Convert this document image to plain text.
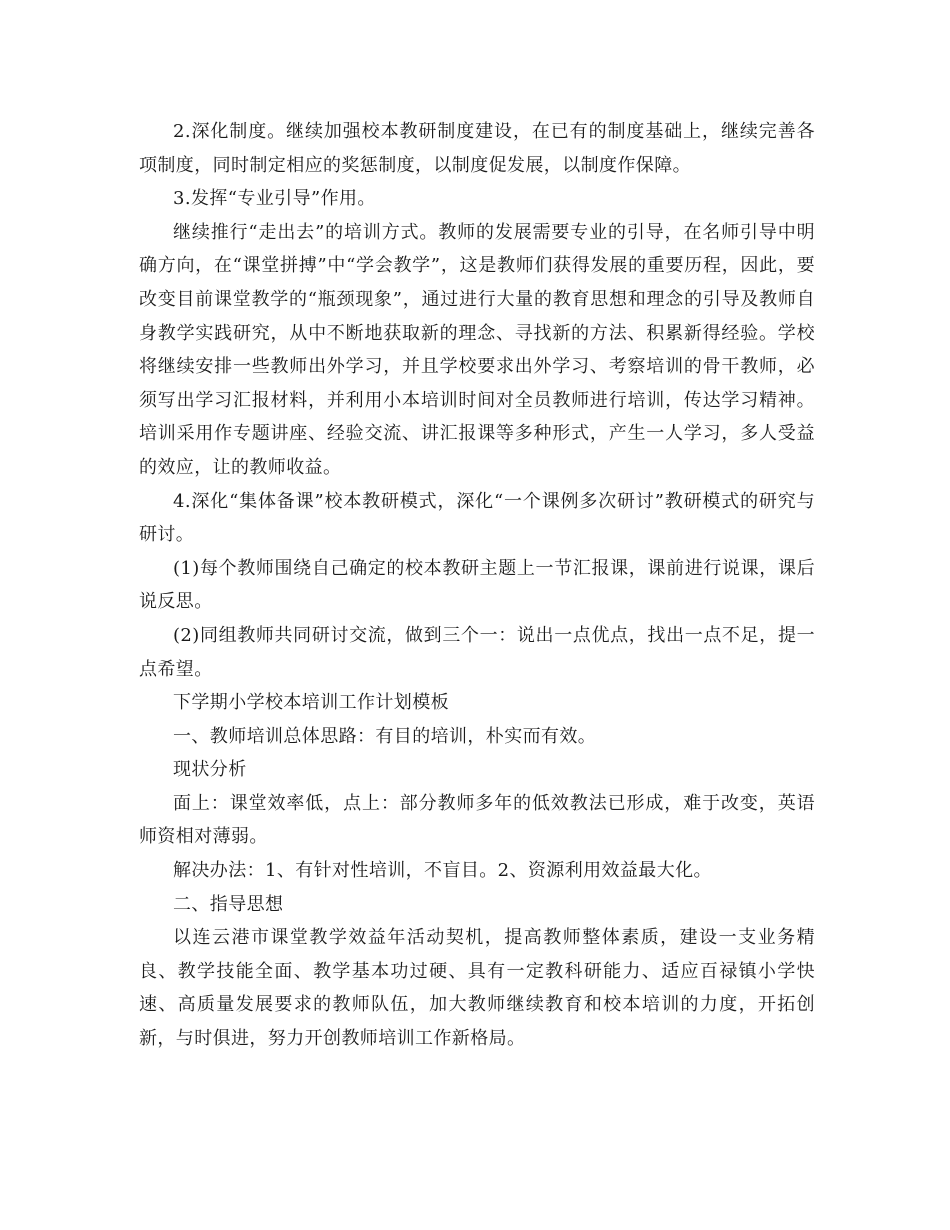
2.深化制度。继续加强校本教研制度建设，在已有的制度基础上，继续完善各项制度，同时制定相应的奖惩制度，以制度促发展，以制度作保障。

3.发挥“专业引导”作用。

继续推行“走出去”的培训方式。教师的发展需要专业的引导，在名师引导中明确方向，在“课堂拼搏”中“学会教学”，这是教师们获得发展的重要历程，因此，要改变目前课堂教学的“瓶颈现象”，通过进行大量的教育思想和理念的引导及教师自身教学实践研究，从中不断地获取新的理念、寻找新的方法、积累新得经验。学校将继续安排一些教师出外学习，并且学校要求出外学习、考察培训的骨干教师，必须写出学习汇报材料，并利用小本培训时间对全员教师进行培训，传达学习精神。培训采用作专题讲座、经验交流、讲汇报课等多种形式，产生一人学习，多人受益的效应，让的教师收益。

4.深化“集体备课”校本教研模式，深化“一个课例多次研讨”教研模式的研究与研讨。

(1)每个教师围绕自己确定的校本教研主题上一节汇报课，课前进行说课，课后说反思。

(2)同组教师共同研讨交流，做到三个一：说出一点优点，找出一点不足，提一点希望。

下学期小学校本培训工作计划模板

一、教师培训总体思路：有目的培训，朴实而有效。

现状分析

面上：课堂效率低，点上：部分教师多年的低效教法已形成，难于改变，英语师资相对薄弱。

解决办法：1、有针对性培训，不盲目。2、资源利用效益最大化。

二、指导思想

以连云港市课堂教学效益年活动契机，提高教师整体素质，建设一支业务精良、教学技能全面、教学基本功过硬、具有一定教科研能力、适应百禄镇小学快速、高质量发展要求的教师队伍，加大教师继续教育和校本培训的力度，开拓创新，与时俱进，努力开创教师培训工作新格局。
